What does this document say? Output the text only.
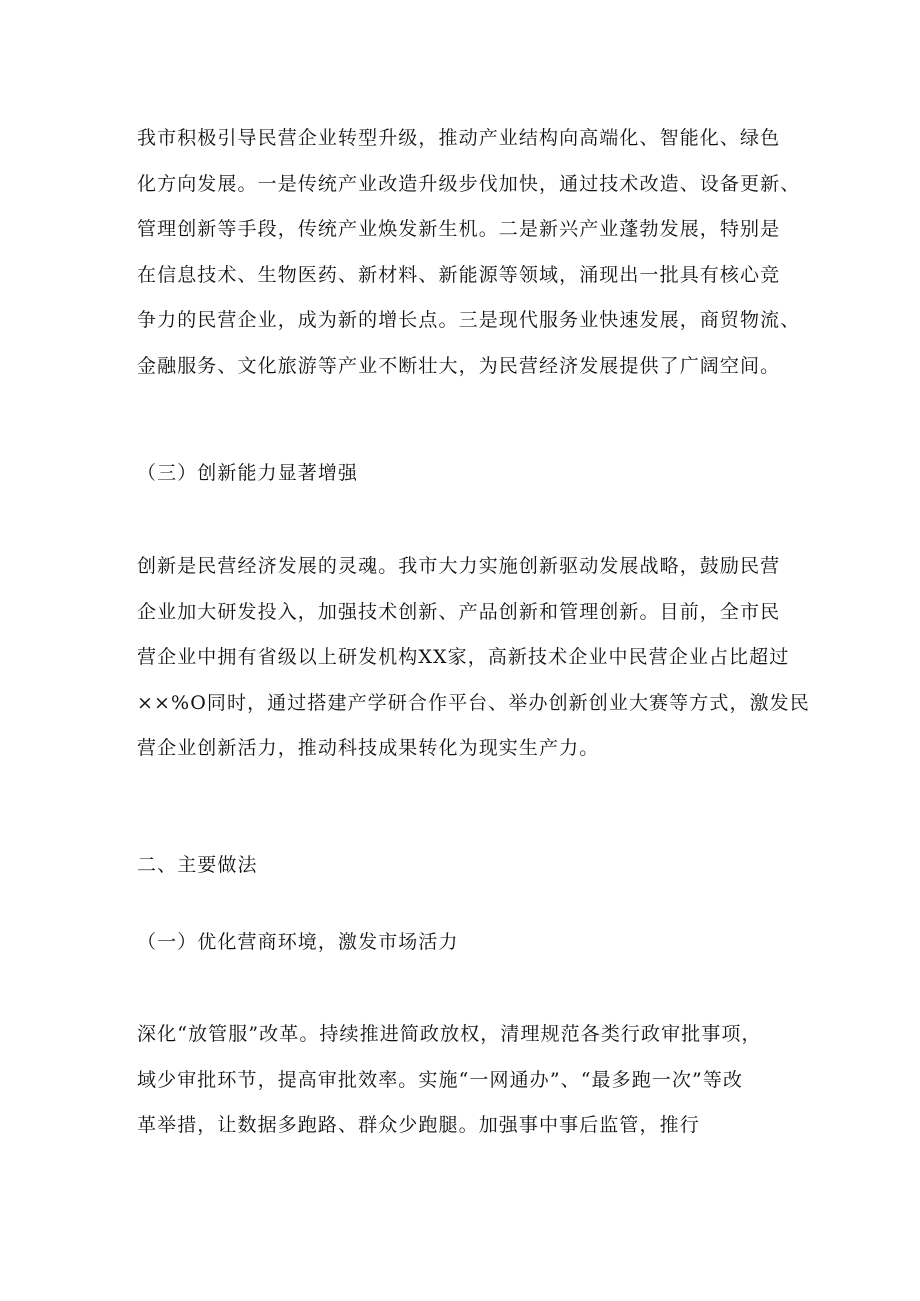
我市积极引导民营企业转型升级，推动产业结构向高端化、智能化、绿色
化方向发展。一是传统产业改造升级步伐加快，通过技术改造、设备更新、
管理创新等手段，传统产业焕发新生机。二是新兴产业蓬勃发展，特别是
在信息技术、生物医药、新材料、新能源等领域，涌现出一批具有核心竞
争力的民营企业，成为新的增长点。三是现代服务业快速发展，商贸物流、
金融服务、文化旅游等产业不断壮大，为民营经济发展提供了广阔空间。
（三）创新能力显著增强
创新是民营经济发展的灵魂。我市大力实施创新驱动发展战略，鼓励民营
企业加大研发投入，加强技术创新、产品创新和管理创新。目前，全市民
营企业中拥有省级以上研发机构XX家，高新技术企业中民营企业占比超过
××%O同时，通过搭建产学研合作平台、举办创新创业大赛等方式，激发民
营企业创新活力，推动科技成果转化为现实生产力。
二、主要做法
（一）优化营商环境，激发市场活力
深化“放管服”改革。持续推进简政放权，清理规范各类行政审批事项，
域少审批环节，提高审批效率。实施“一网通办”、“最多跑一次”等改
革举措，让数据多跑路、群众少跑腿。加强事中事后监管，推行
